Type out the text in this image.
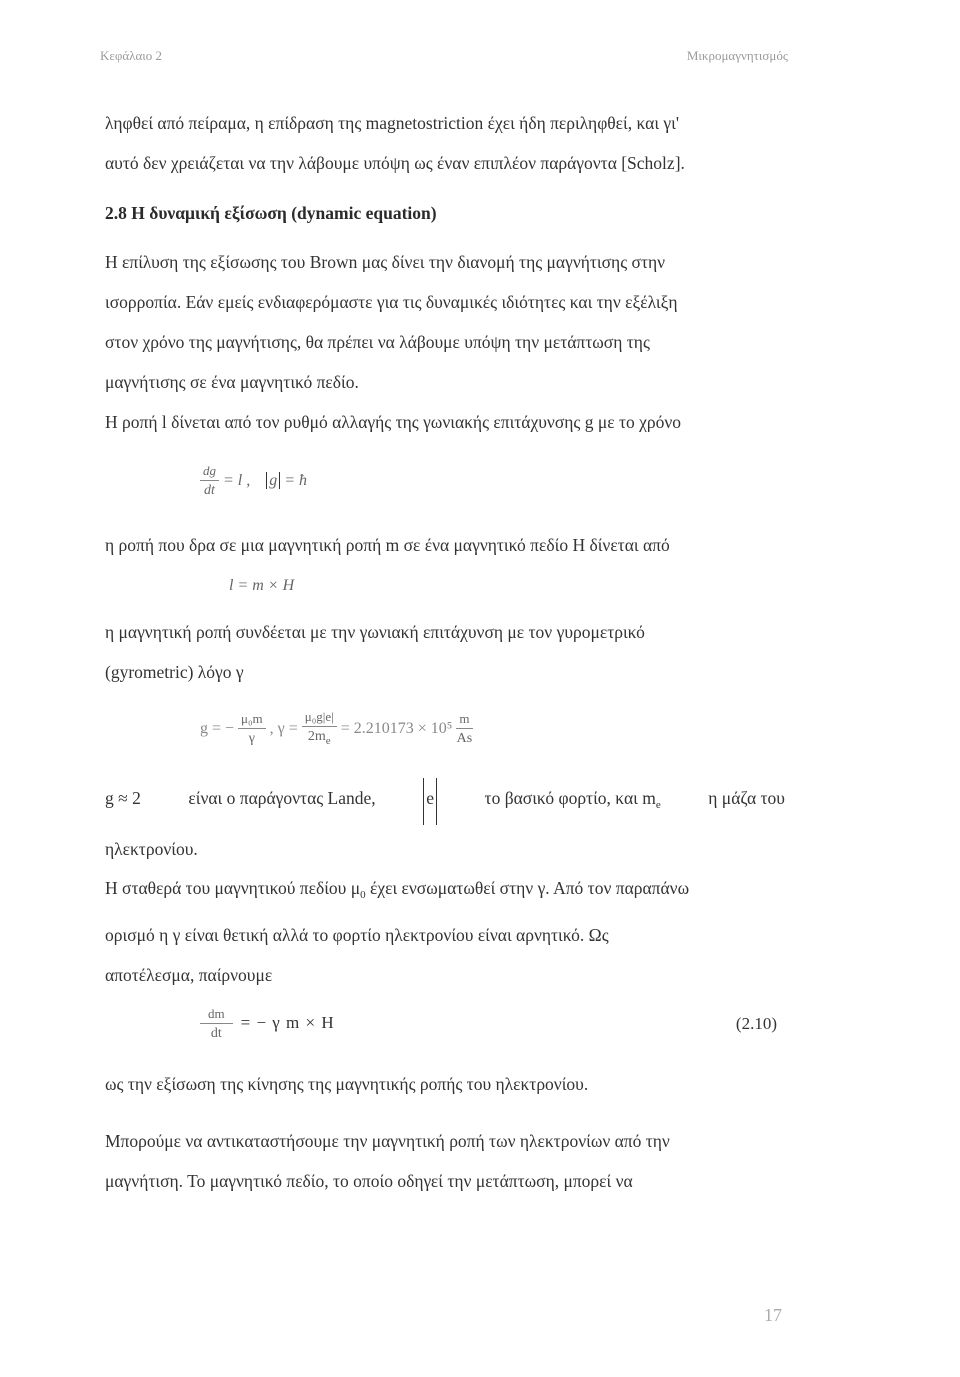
Κεφάλαιο 2	Μικρομαγνητισμός
ληφθεί από πείραμα, η επίδραση της magnetostriction έχει ήδη περιληφθεί, και γι'
αυτό δεν χρειάζεται να την λάβουμε υπόψη ως έναν επιπλέον παράγοντα [Scholz].
2.8 Η δυναμική εξίσωση (dynamic equation)
Η επίλυση της εξίσωσης του Brown μας δίνει την διανομή της μαγνήτισης στην
ισορροπία. Εάν εμείς ενδιαφερόμαστε για τις δυναμικές ιδιότητες και την εξέλιξη
στον χρόνο της μαγνήτισης, θα πρέπει να λάβουμε υπόψη την μετάπτωση της
μαγνήτισης σε ένα μαγνητικό πεδίο.
Η ροπή l δίνεται από τον ρυθμό αλλαγής της γωνιακής επιτάχυνσης g με το χρόνο
$\frac{dg}{dt} = l$ , g = ħ
η ροπή που δρα σε μια μαγνητική ροπή m σε ένα μαγνητικό πεδίο H δίνεται από
l = m × H
η μαγνητική ροπή συνδέεται με την γωνιακή επιτάχυνση με τον γυρομετρικό
(gyrometric) λόγο γ
g = − $\frac{\text{μ₀m}}{\gamma}$ , $\gamma = \frac{\text{μ₀g|e|}}{2m_e} = 2.210173 \times 10^5 \frac{m}{As}$
g ≈ 2	είναι ο παράγοντας Lande,	e	το βασικό φορτίο, και $m_e$	η μάζα του
ηλεκτρονίου.
Η σταθερά του μαγνητικού πεδίου $\mu_0$ έχει ενσωματωθεί στην γ. Από τον παραπάνω
ορισμό η γ είναι θετική αλλά το φορτίο ηλεκτρονίου είναι αρνητικό. Ως
αποτέλεσμα, παίρνουμε
$\frac{dm}{dt}$ = − γ m × H	(2.10)
ως την εξίσωση της κίνησης της μαγνητικής ροπής του ηλεκτρονίου.
Μπορούμε να αντικαταστήσουμε την μαγνητική ροπή των ηλεκτρονίων από την
μαγνήτιση. Το μαγνητικό πεδίο, το οποίο οδηγεί την μετάπτωση, μπορεί να
17
